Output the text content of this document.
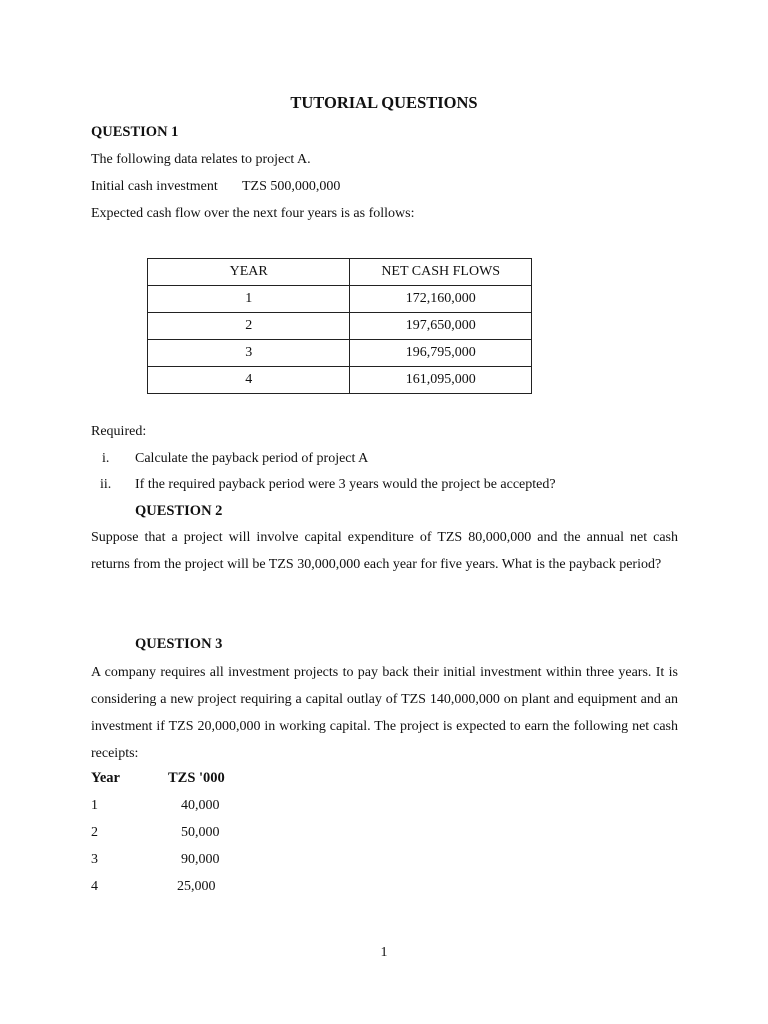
TUTORIAL QUESTIONS
QUESTION 1
The following data relates to project A.
Initial cash investment TZS 500,000,000
Expected cash flow over the next four years is as follows:
YEAR	NET CASH FLOWS
1	172,160,000
2	197,650,000
3	196,795,000
4	161,095,000
Required:
i. Calculate the payback period of project A
ii. If the required payback period were 3 years would the project be accepted?
QUESTION 2
Suppose that a project will involve capital expenditure of TZS 80,000,000 and the annual net cash returns from the project will be TZS 30,000,000 each year for five years. What is the payback period?
QUESTION 3
A company requires all investment projects to pay back their initial investment within three years. It is considering a new project requiring a capital outlay of TZS 140,000,000 on plant and equipment and an investment if TZS 20,000,000 in working capital. The project is expected to earn the following net cash receipts:
Year	TZS '000
1	40,000
2	50,000
3	90,000
4	25,000
1
